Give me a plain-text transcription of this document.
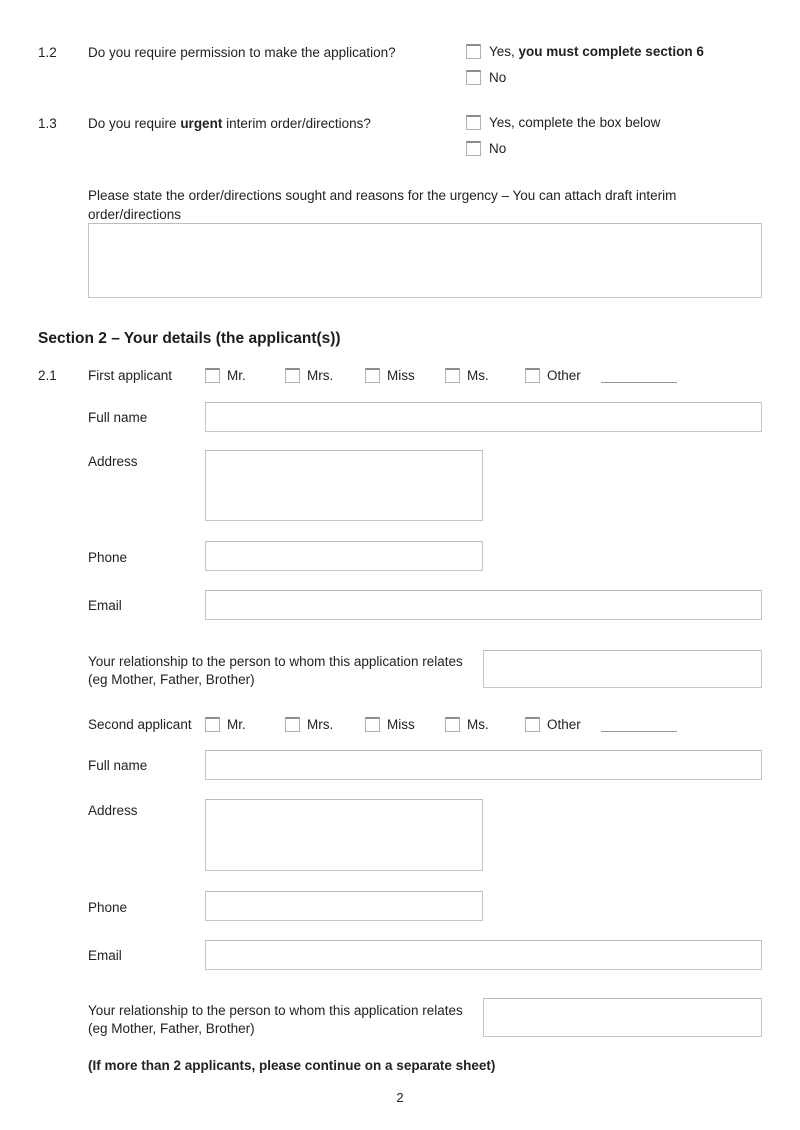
1.2 Do you require permission to make the application?	Yes, you must complete section 6
No
1.3 Do you require urgent interim order/directions?	Yes, complete the box below
No
Please state the order/directions sought and reasons for the urgency – You can attach draft interim order/directions
Section 2 – Your details (the applicant(s))
2.1 First applicant	Mr.	Mrs.	Miss	Ms.	Other
Full name
Address
Phone
Email
Your relationship to the person to whom this application relates (eg Mother, Father, Brother)
Second applicant	Mr.	Mrs.	Miss	Ms.	Other
Full name
Address
Phone
Email
Your relationship to the person to whom this application relates (eg Mother, Father, Brother)
(If more than 2 applicants, please continue on a separate sheet)
2
